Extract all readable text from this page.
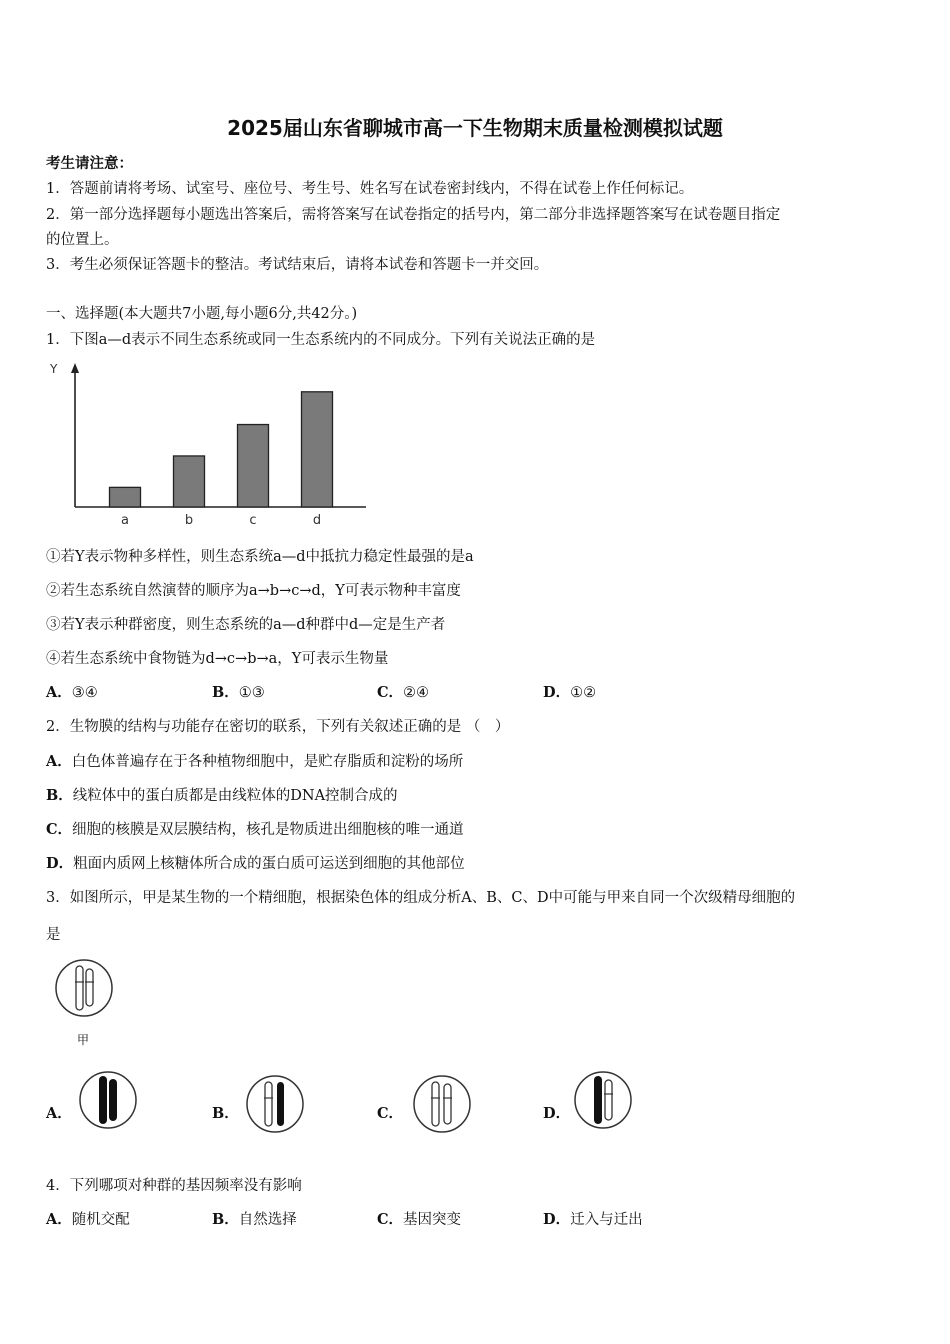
2025届山东省聊城市高一下生物期末质量检测模拟试题
考生请注意：
1．答题前请将考场、试室号、座位号、考生号、姓名写在试卷密封线内，不得在试卷上作任何标记。
2．第一部分选择题每小题选出答案后，需将答案写在试卷指定的括号内，第二部分非选择题答案写在试卷题目指定
的位置上。
3．考生必须保证答题卡的整洁。考试结束后，请将本试卷和答题卡一并交回。
一、选择题(本大题共7小题,每小题6分,共42分。)
1．下图a—d表示不同生态系统或同一生态系统内的不同成分。下列有关说法正确的是
Y
a	b	c	d
①若Y表示物种多样性，则生态系统a—d中抵抗力稳定性最强的是a
②若生态系统自然演替的顺序为a→b→c→d，Y可表示物种丰富度
③若Y表示种群密度，则生态系统的a—d种群中d—定是生产者
④若生态系统中食物链为d→c→b→a，Y可表示生物量
A．③④	B．①③	C．②④	D．①②
2．生物膜的结构与功能存在密切的联系，下列有关叙述正确的是 （　）
A．白色体普遍存在于各种植物细胞中，是贮存脂质和淀粉的场所
B．线粒体中的蛋白质都是由线粒体的DNA控制合成的
C．细胞的核膜是双层膜结构，核孔是物质进出细胞核的唯一通道
D．粗面内质网上核糖体所合成的蛋白质可运送到细胞的其他部位
3．如图所示，甲是某生物的一个精细胞，根据染色体的组成分析A、B、C、D中可能与甲来自同一个次级精母细胞的
是
甲
A．	B．	C．	D．
4．下列哪项对种群的基因频率没有影响
A．随机交配	B．自然选择	C．基因突变	D．迁入与迁出
